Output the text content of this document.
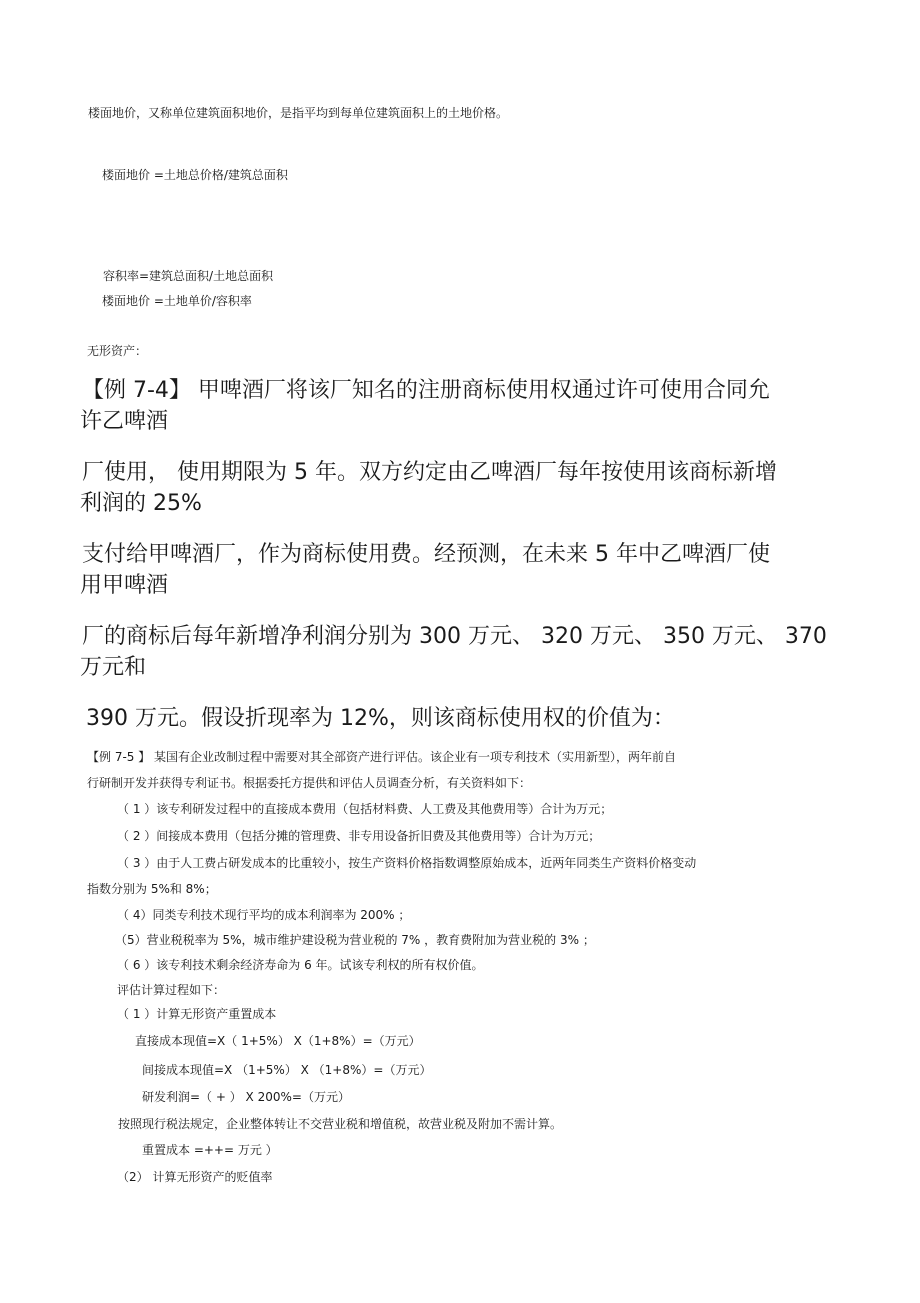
楼面地价，又称单位建筑面积地价，是指平均到每单位建筑面积上的土地价格。
楼面地价 =土地总价格/建筑总面积
容积率=建筑总面积/土地总面积
楼面地价 =土地单价/容积率
无形资产：
【例 7-4】 甲啤酒厂将该厂知名的注册商标使用权通过许可使用合同允
许乙啤酒
厂使用， 使用期限为 5 年。双方约定由乙啤酒厂每年按使用该商标新增
利润的 25%
支付给甲啤酒厂，作为商标使用费。经预测，在未来 5 年中乙啤酒厂使
用甲啤酒
厂的商标后每年新增净利润分别为 300 万元、 320 万元、 350 万元、 370
万元和
390 万元。假设折现率为 12%，则该商标使用权的价值为：
【例 7-5 】 某国有企业改制过程中需要对其全部资产进行评估。该企业有一项专利技术（实用新型），两年前自
行研制开发并获得专利证书。根据委托方提供和评估人员调查分析，有关资料如下：
（ 1 ）该专利研发过程中的直接成本费用（包括材料费、人工费及其他费用等）合计为万元；
（ 2 ）间接成本费用（包括分摊的管理费、非专用设备折旧费及其他费用等）合计为万元；
（ 3 ）由于人工费占研发成本的比重较小，按生产资料价格指数调整原始成本，近两年同类生产资料价格变动
指数分别为 5%和 8%；
（ 4）同类专利技术现行平均的成本利润率为 200% ；
（5）营业税税率为 5%，城市维护建设税为营业税的 7% ，教育费附加为营业税的 3% ；
（ 6 ）该专利技术剩余经济寿命为 6 年。试该专利权的所有权价值。
评估计算过程如下：
（ 1 ）计算无形资产重置成本
直接成本现值=X（ 1+5%） X（1+8%）=（万元）
间接成本现值=X （1+5%） X （1+8%）=（万元）
研发利润=（ + ） X 200%=（万元）
按照现行税法规定，企业整体转让不交营业税和增值税，故营业税及附加不需计算。
重置成本 =++= 万元 ）
（2） 计算无形资产的贬值率
